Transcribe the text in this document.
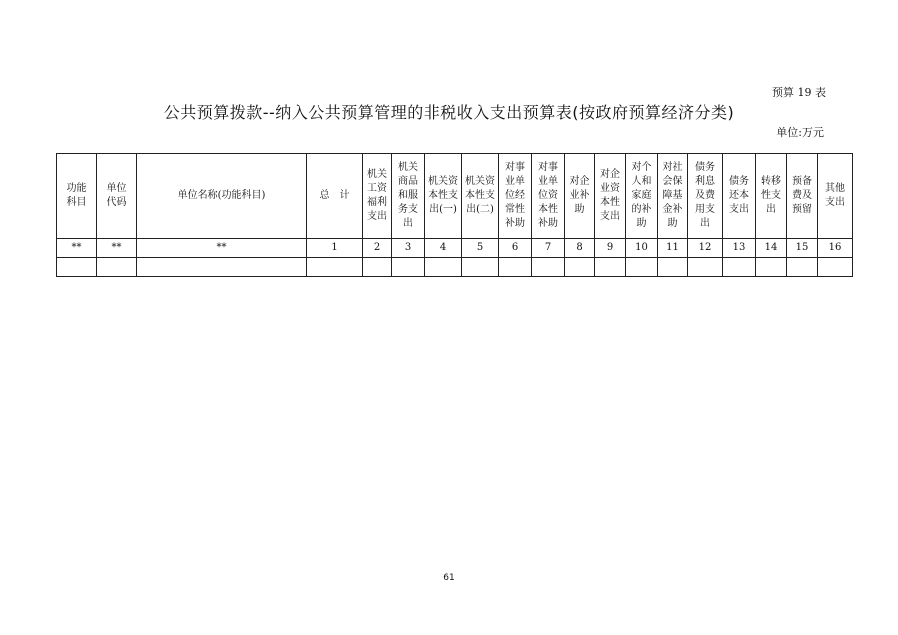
预算 19 表
公共预算拨款--纳入公共预算管理的非税收入支出预算表(按政府预算经济分类)
单位:万元
功能科目	单位代码	单位名称(功能科目)	总　计	机关工资福利支出	机关商品和服务支出	机关资本性支出(一)	机关资本性支出(二)	对事业单位经常性补助	对事业单位资本性补助	对企业补助	对企业资本性支出	对个人和家庭的补助	对社会保障基金补助	债务利息及费用支出	债务还本支出	转移性支出	预备费及预留	其他支出
**	**	**	1	2	3	4	5	6	7	8	9	10	11	12	13	14	15	16

61
